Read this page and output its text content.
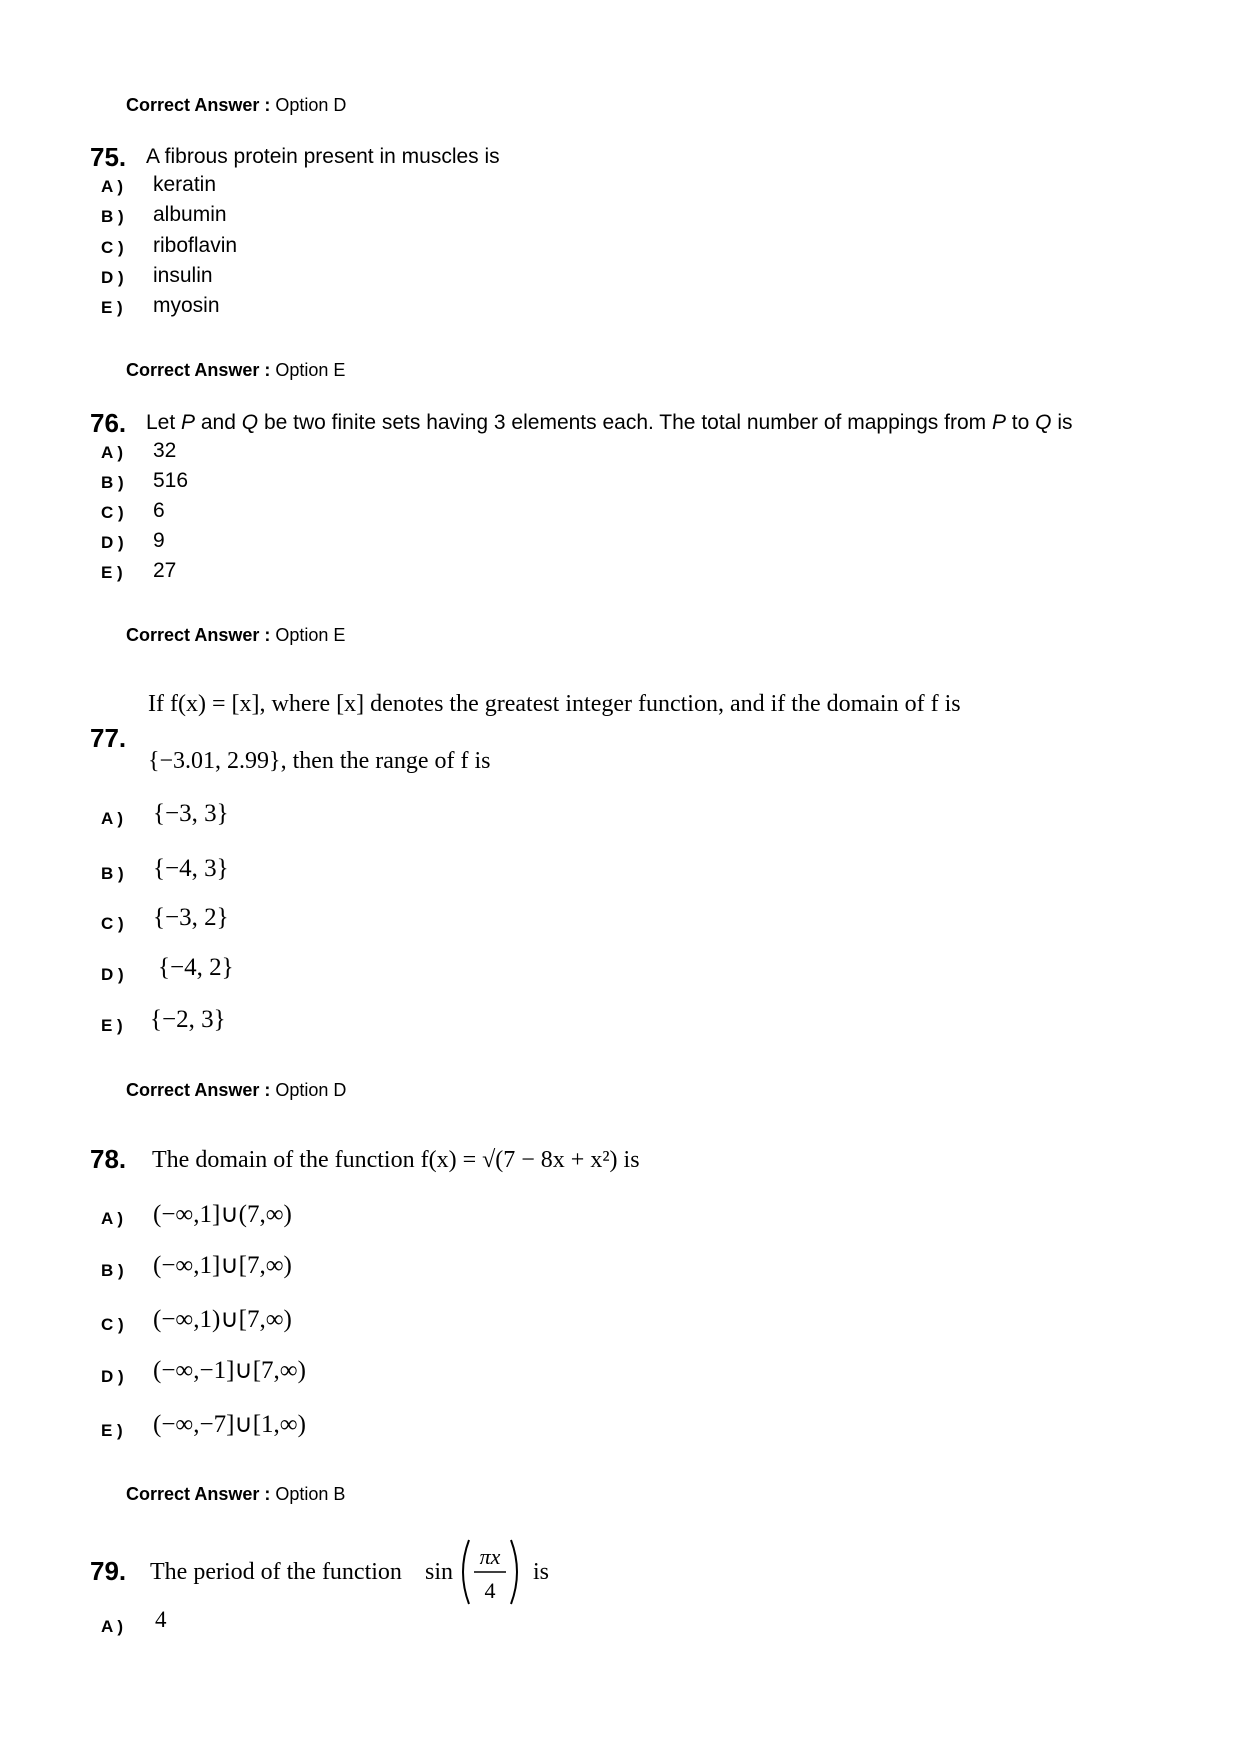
Correct Answer : Option D
75. A fibrous protein present in muscles is
A ) keratin
B ) albumin
C ) riboflavin
D ) insulin
E ) myosin
Correct Answer : Option E
76. Let P and Q be two finite sets having 3 elements each. The total number of mappings from P to Q is
A ) 32
B ) 516
C ) 6
D ) 9
E ) 27
Correct Answer : Option E
77.
If f(x) = [x], where [x] denotes the greatest integer function, and if the domain of f is
{−3.01, 2.99}, then the range of f is
A ) {−3, 3}
B ) {−4, 3}
C ) {−3, 2}
D ) {−4, 2}
E ) {−2, 3}
Correct Answer : Option D
78. The domain of the function f(x) = √(7 − 8x + x²) is
A ) (−∞,1]∪(7,∞)
B ) (−∞,1]∪[7,∞)
C ) (−∞,1)∪[7,∞)
D ) (−∞,−1]∪[7,∞)
E ) (−∞,−7]∪[1,∞)
Correct Answer : Option B
79. The period of the function sin
πx
4
is
A ) 4
